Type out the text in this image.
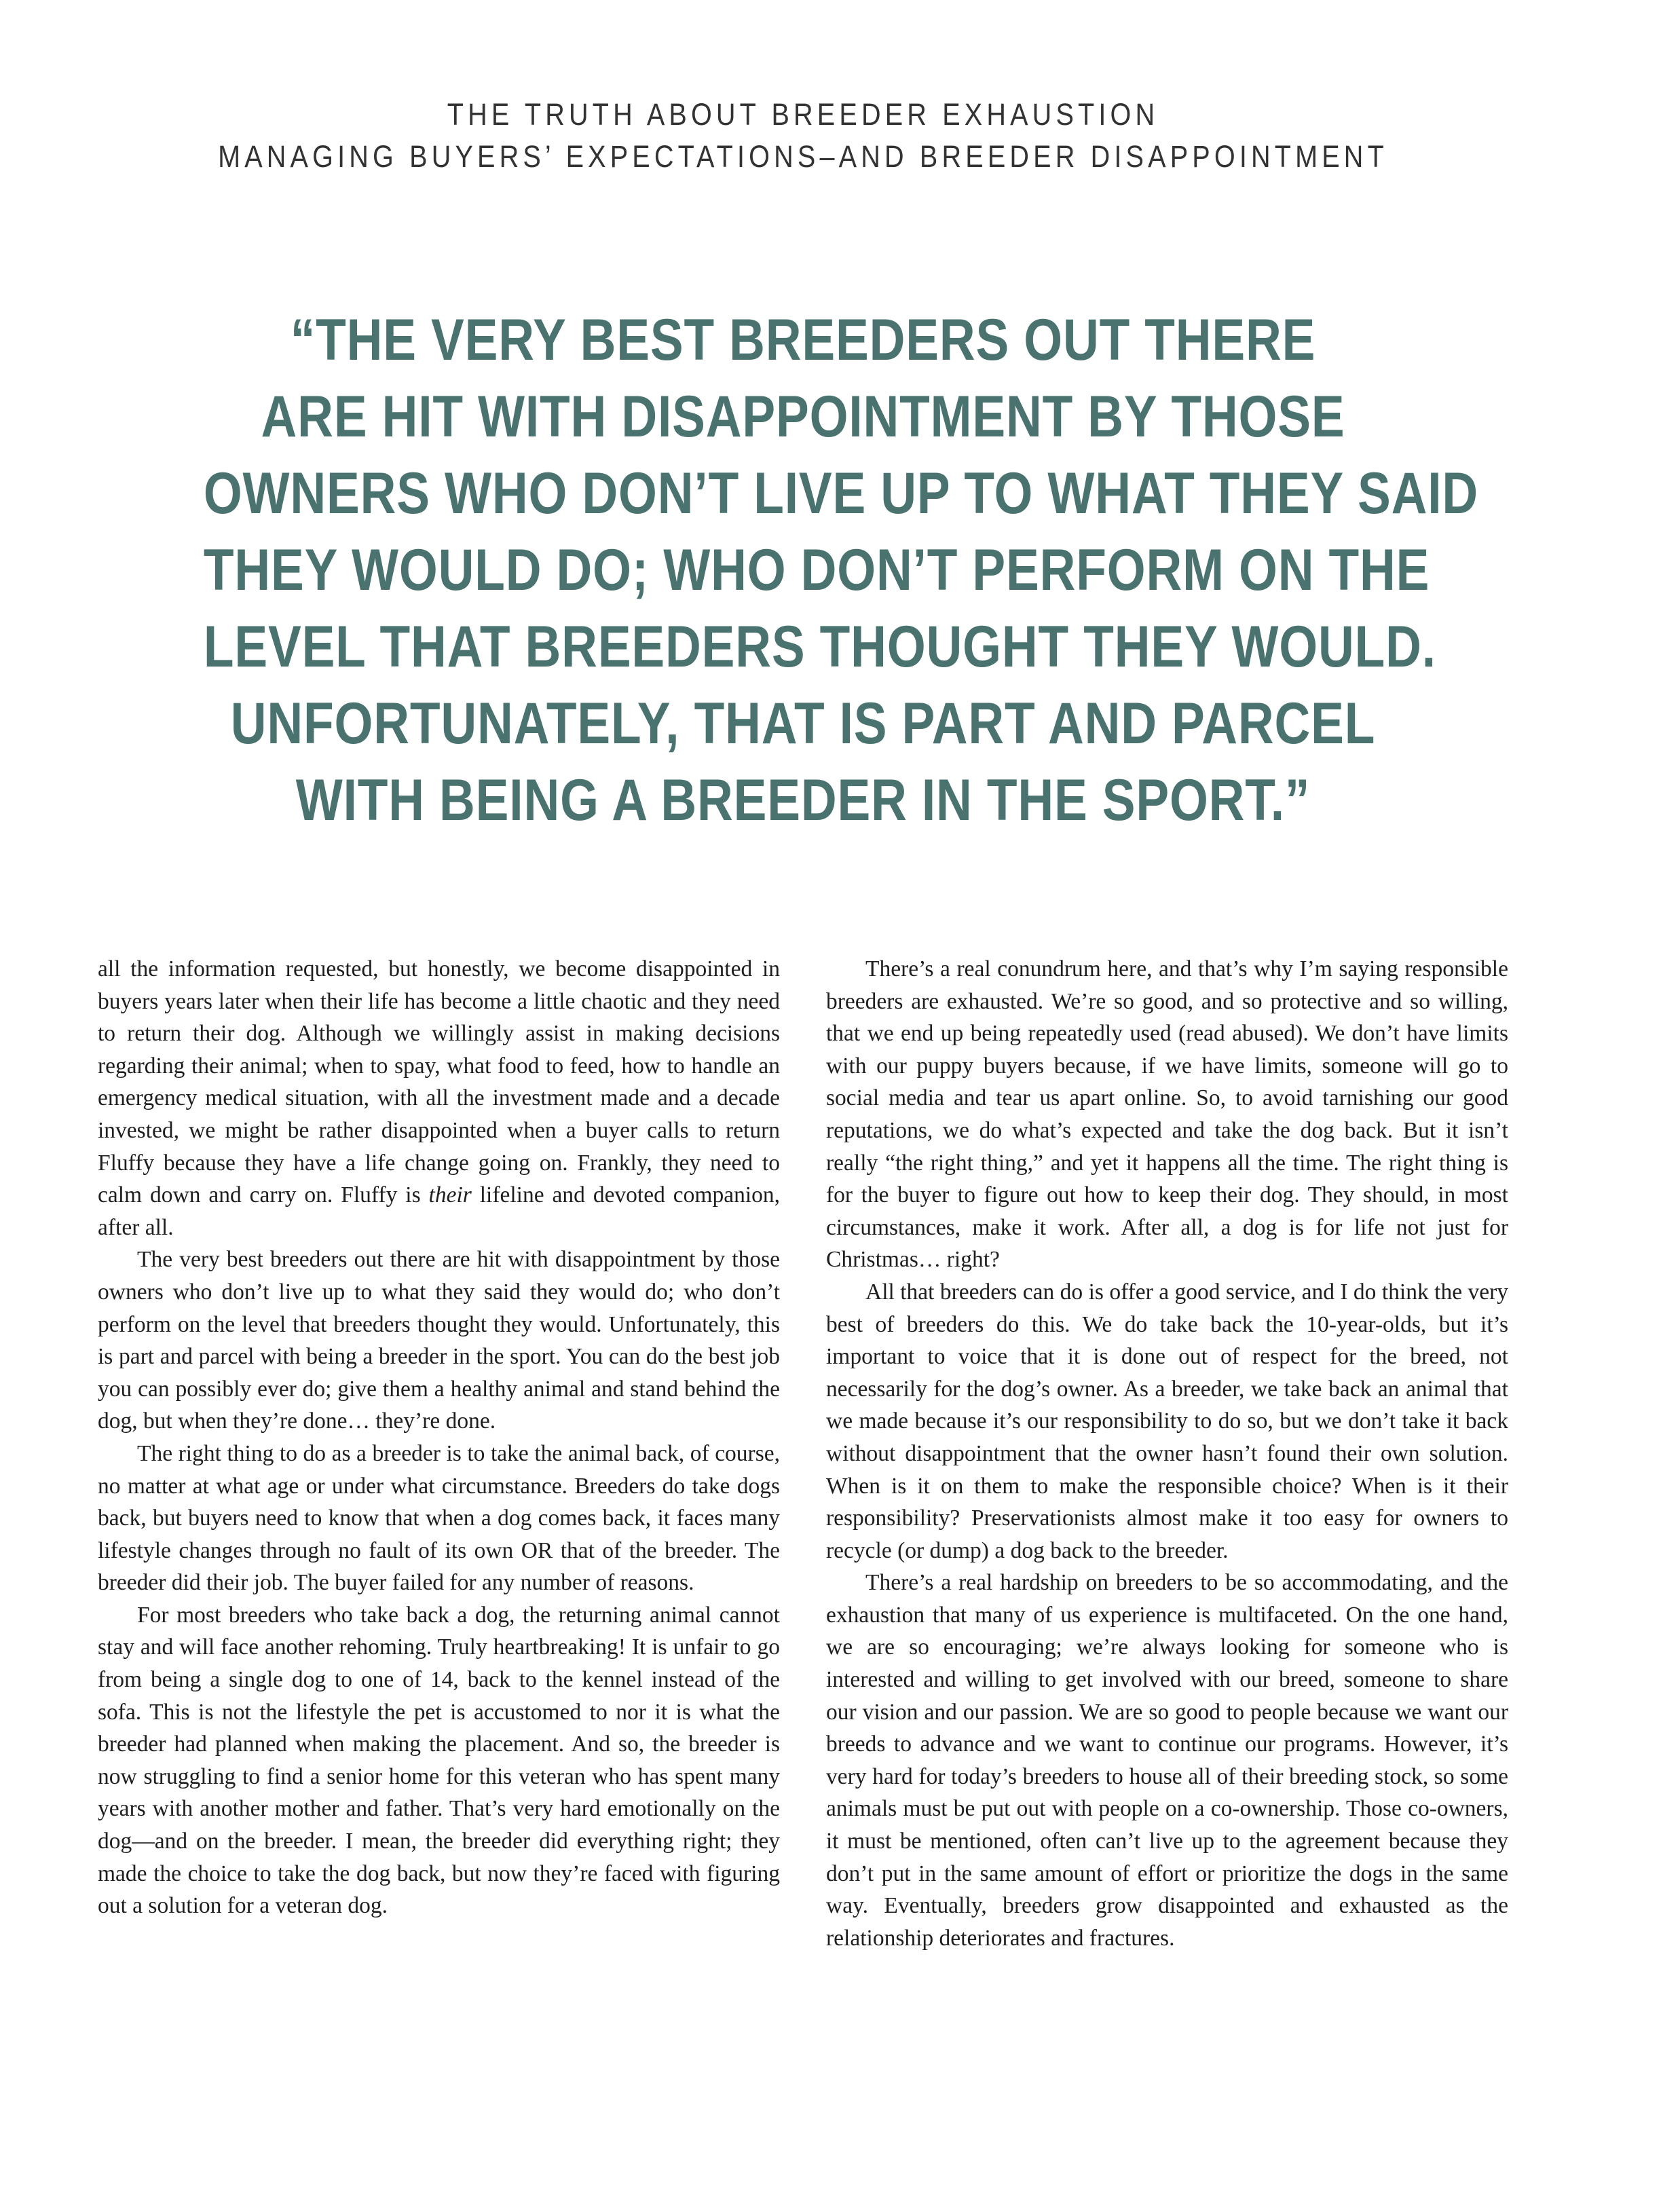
THE TRUTH ABOUT BREEDER EXHAUSTION
MANAGING BUYERS’ EXPECTATIONS–AND BREEDER DISAPPOINTMENT
“THE VERY BEST BREEDERS OUT THERE
ARE HIT WITH DISAPPOINTMENT BY THOSE
OWNERS WHO DON’T LIVE UP TO WHAT THEY SAID
THEY WOULD DO; WHO DON’T PERFORM ON THE
LEVEL THAT BREEDERS THOUGHT THEY WOULD.
UNFORTUNATELY, THAT IS PART AND PARCEL
WITH BEING A BREEDER IN THE SPORT.”

all the information requested, but honestly, we become disappointed in buyers years later when their life has become a little chaotic and they need to return their dog. Although we willingly assist in making decisions regarding their animal; when to spay, what food to feed, how to handle an emergency medical situation, with all the investment made and a decade invested, we might be rather disappointed when a buyer calls to return Fluffy because they have a life change going on. Frankly, they need to calm down and carry on. Fluffy is their lifeline and devoted companion, after all.

The very best breeders out there are hit with disappointment by those owners who don’t live up to what they said they would do; who don’t perform on the level that breeders thought they would. Unfortunately, this is part and parcel with being a breeder in the sport. You can do the best job you can possibly ever do; give them a healthy animal and stand behind the dog, but when they’re done… they’re done.

The right thing to do as a breeder is to take the animal back, of course, no matter at what age or under what circumstance. Breeders do take dogs back, but buyers need to know that when a dog comes back, it faces many lifestyle changes through no fault of its own OR that of the breeder. The breeder did their job. The buyer failed for any number of reasons.

For most breeders who take back a dog, the returning animal cannot stay and will face another rehoming. Truly heartbreaking! It is unfair to go from being a single dog to one of 14, back to the kennel instead of the sofa. This is not the lifestyle the pet is accustomed to nor it is what the breeder had planned when making the placement. And so, the breeder is now struggling to find a senior home for this veteran who has spent many years with another mother and father. That’s very hard emotionally on the dog—and on the breeder. I mean, the breeder did everything right; they made the choice to take the dog back, but now they’re faced with figuring out a solution for a veteran dog.

There’s a real conundrum here, and that’s why I’m saying responsible breeders are exhausted. We’re so good, and so protective and so willing, that we end up being repeatedly used (read abused). We don’t have limits with our puppy buyers because, if we have limits, someone will go to social media and tear us apart online. So, to avoid tarnishing our good reputations, we do what’s expected and take the dog back. But it isn’t really “the right thing,” and yet it happens all the time. The right thing is for the buyer to figure out how to keep their dog. They should, in most circumstances, make it work. After all, a dog is for life not just for Christmas… right?

All that breeders can do is offer a good service, and I do think the very best of breeders do this. We do take back the 10-year-olds, but it’s important to voice that it is done out of respect for the breed, not necessarily for the dog’s owner. As a breeder, we take back an animal that we made because it’s our responsibility to do so, but we don’t take it back without disappointment that the owner hasn’t found their own solution. When is it on them to make the responsible choice? When is it their responsibility? Preservationists almost make it too easy for owners to recycle (or dump) a dog back to the breeder.

There’s a real hardship on breeders to be so accommodating, and the exhaustion that many of us experience is multifaceted. On the one hand, we are so encouraging; we’re always looking for someone who is interested and willing to get involved with our breed, someone to share our vision and our passion. We are so good to people because we want our breeds to advance and we want to continue our programs. However, it’s very hard for today’s breeders to house all of their breeding stock, so some animals must be put out with people on a co-ownership. Those co-owners, it must be mentioned, often can’t live up to the agreement because they don’t put in the same amount of effort or prioritize the dogs in the same way. Eventually, breeders grow disappointed and exhausted as the relationship deteriorates and fractures.
